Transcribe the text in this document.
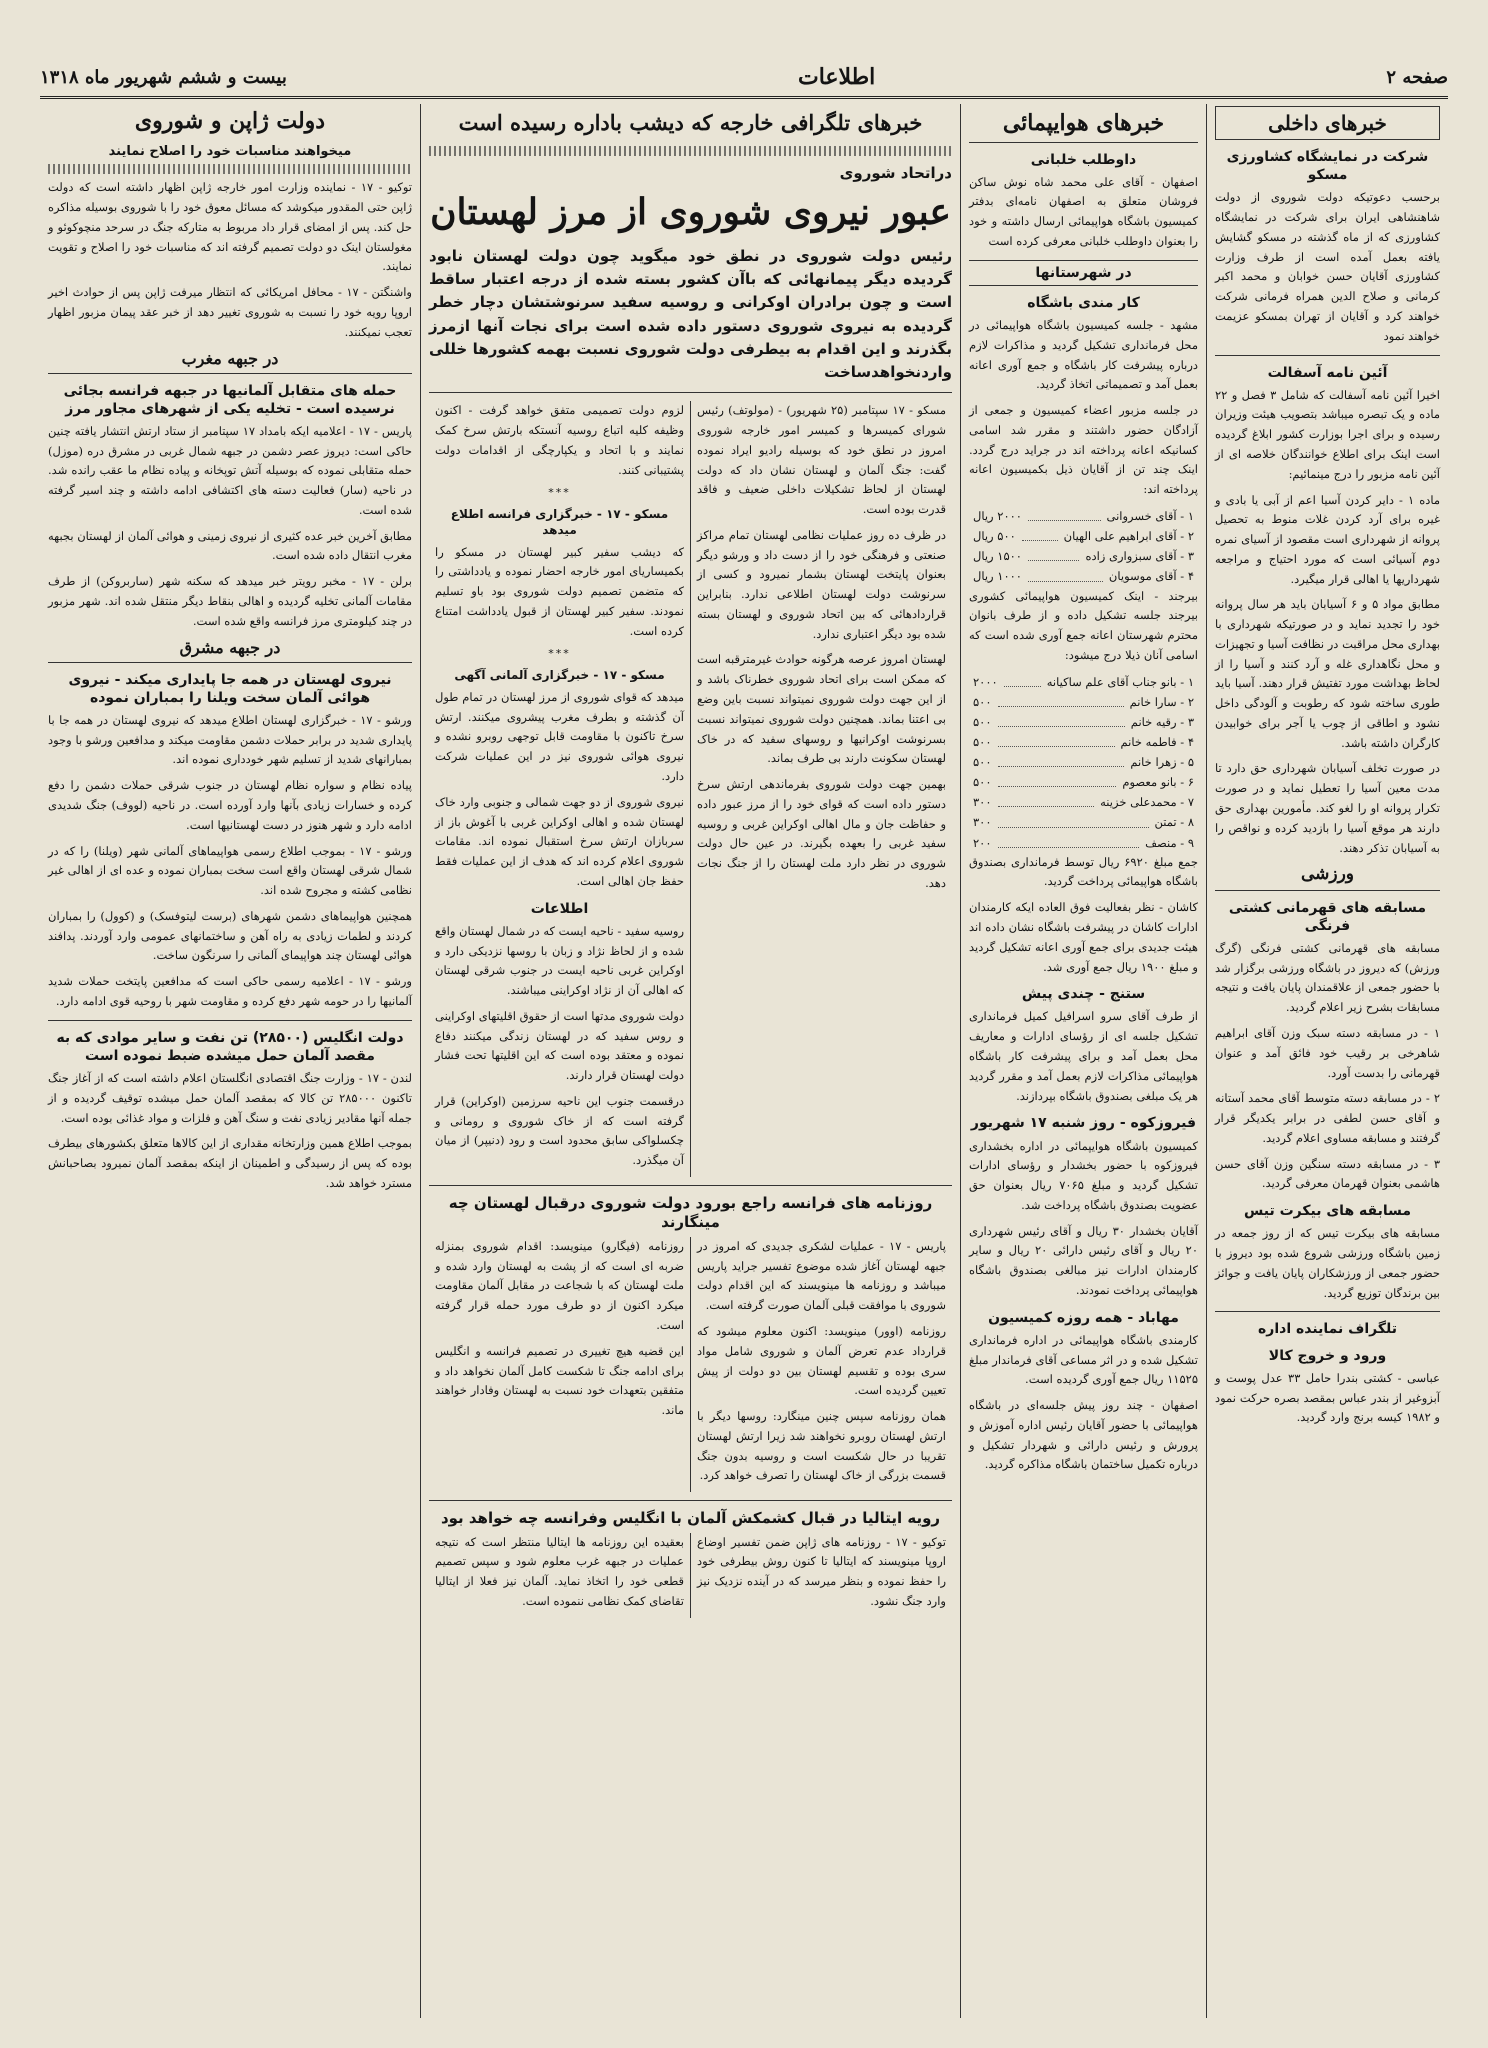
صفحه ۲
اطلاعات
بیست و ششم شهریور ماه ۱۳۱۸
خبرهای داخلی
شرکت در نمایشگاه کشاورزی مسکو

برحسب دعوتیکه دولت شوروی از دولت شاهنشاهی ایران برای شرکت در نمایشگاه کشاورزی که از ماه گذشته در مسکو گشایش یافته بعمل آمده است از طرف وزارت کشاورزی آقایان حسن خوابان و محمد اکبر کرمانی و صلاح الدین همراه فرمانی شرکت خواهند کرد و آقایان از تهران بمسکو عزیمت خواهند نمود

آئین نامه آسفالت

اخیرا آئین نامه آسفالت که شامل ۳ فصل و ۲۲ ماده و یک تبصره میباشد بتصویب هیئت وزیران رسیده و برای اجرا بوزارت کشور ابلاغ گردیده است اینک برای اطلاع خوانندگان خلاصه ای از آئین نامه مزبور را درج مینمائیم:

ماده ۱ - دایر کردن آسیا اعم از آبی یا بادی و غیره برای آرد کردن غلات منوط به تحصیل پروانه از شهرداری است مقصود از آسیای نمره دوم آسیائی است که مورد احتیاج و مراجعه شهرداریها یا اهالی قرار میگیرد.

مطابق مواد ۵ و ۶ آسیابان باید هر سال پروانه خود را تجدید نماید و در صورتیکه شهرداری با بهداری محل مراقبت در نظافت آسیا و تجهیزات و محل نگاهداری غله و آرد کنند و آسیا را از لحاظ بهداشت مورد تفتیش قرار دهند. آسیا باید طوری ساخته شود که رطوبت و آلودگی داخل نشود و اطاقی از چوب یا آجر برای خوابیدن کارگران داشته باشد.

در صورت تخلف آسیابان شهرداری حق دارد تا مدت معین آسیا را تعطیل نماید و در صورت تکرار پروانه او را لغو کند. مأمورین بهداری حق دارند هر موقع آسیا را بازدید کرده و نواقص را به آسیابان تذکر دهند.

ورزشی
مسابقه های قهرمانی کشتی فرنگی

مسابقه های قهرمانی کشتی فرنگی (گرگ ورزش) که دیروز در باشگاه ورزشی برگزار شد با حضور جمعی از علاقمندان پایان یافت و نتیجه مسابقات بشرح زیر اعلام گردید.

۱ - در مسابقه دسته سبک وزن آقای ابراهیم شاهرخی بر رقیب خود فائق آمد و عنوان قهرمانی را بدست آورد.

۲ - در مسابقه دسته متوسط آقای محمد آستانه و آقای حسن لطفی در برابر یکدیگر قرار گرفتند و مسابقه مساوی اعلام گردید.

۳ - در مسابقه دسته سنگین وزن آقای حسن هاشمی بعنوان قهرمان معرفی گردید.

مسابقه های بیکرت تیس

مسابقه های بیکرت تیس که از روز جمعه در زمین باشگاه ورزشی شروع شده بود دیروز با حضور جمعی از ورزشکاران پایان یافت و جوائز بین برندگان توزیع گردید.

تلگراف نماینده اداره
ورود و خروج کالا

عباسی - کشتی بندرا حامل ۳۳ عدل پوست و آبزوغیر از بندر عباس بمقصد بصره حرکت نمود و ۱۹۸۲ کیسه برنج وارد گردید.

خبرهای هوایپمائی
داوطلب خلبانی

اصفهان - آقای علی محمد شاه نوش ساکن فروشان متعلق به اصفهان نامه‌ای بدفتر کمیسیون باشگاه هواپیمائی ارسال داشته و خود را بعنوان داوطلب خلبانی معرفی کرده است

در شهرستانها
کار مندی باشگاه

مشهد - جلسه کمیسیون باشگاه هواپیمائی در محل فرمانداری تشکیل گردید و مذاکرات لازم درباره پیشرفت کار باشگاه و جمع آوری اعانه بعمل آمد و تصمیماتی اتخاذ گردید.

در جلسه مزبور اعضاء کمیسیون و جمعی از آزادگان حضور داشتند و مقرر شد اسامی کسانیکه اعانه پرداخته اند در جراید درج گردد. اینک چند تن از آقایان ذیل بکمیسیون اعانه پرداخته اند:

۱ - آقای خسروانی
۲۰۰۰ ریال
۲ - آقای ابراهیم علی الهیان
۵۰۰ ریال
۳ - آقای سبزواری زاده
۱۵۰۰ ریال
۴ - آقای موسویان
۱۰۰۰ ریال

بیرجند - اینک کمیسیون هواپیمائی کشوری بیرجند جلسه تشکیل داده و از طرف بانوان محترم شهرستان اعانه جمع آوری شده است که اسامی آنان ذیلا درج میشود:

۱ - بانو جناب آقای علم ساکیانه
۲۰۰۰
۲ - سارا خانم
۵۰۰
۳ - رقیه خانم
۵۰۰
۴ - فاطمه خانم
۵۰۰
۵ - زهرا خانم
۵۰۰
۶ - بانو معصوم
۵۰۰
۷ - محمدعلی خزینه
۳۰۰
۸ - تمتن
۳۰۰
۹ - منصف
۲۰۰

جمع مبلغ ۶۹۲۰ ریال توسط فرمانداری بصندوق باشگاه هواپیمائی پرداخت گردید.

کاشان - نظر بفعالیت فوق العاده ایکه کارمندان ادارات کاشان در پیشرفت باشگاه نشان داده اند هیئت جدیدی برای جمع آوری اعانه تشکیل گردید و مبلغ ۱۹۰۰ ریال جمع آوری شد.

ستنج - چندی پیش

از طرف آقای سرو اسرافیل کمیل فرمانداری تشکیل جلسه ای از رؤسای ادارات و معاریف محل بعمل آمد و برای پیشرفت کار باشگاه هواپیمائی مذاکرات لازم بعمل آمد و مقرر گردید هر یک مبلغی بصندوق باشگاه بپردازند.

فیروزکوه - روز شنبه ۱۷ شهریور

کمیسیون باشگاه هوایپمائی در اداره بخشداری فیروزکوه با حضور بخشدار و رؤسای ادارات تشکیل گردید و مبلغ ۷۰۶۵ ریال بعنوان حق عضویت بصندوق باشگاه پرداخت شد.

آقایان بخشدار ۳۰ ریال و آقای رئیس شهرداری ۲۰ ریال و آقای رئیس دارائی ۲۰ ریال و سایر کارمندان ادارات نیز مبالغی بصندوق باشگاه هواپیمائی پرداخت نمودند.

مهاباد - همه روزه کمیسیون

کارمندی باشگاه هواپیمائی در اداره فرمانداری تشکیل شده و در اثر مساعی آقای فرماندار مبلغ ۱۱۵۲۵ ریال جمع آوری گردیده است.

اصفهان - چند روز پیش جلسه‌ای در باشگاه هواپیمائی با حضور آقایان رئیس اداره آموزش و پرورش و رئیس دارائی و شهردار تشکیل و درباره تکمیل ساختمان باشگاه مذاکره گردید.

خبرهای تلگرافی خارجه که دیشب باداره رسیده است
دراتحاد شوروی
عبور نیروی شوروی از مرز لهستان
رئیس دولت شوروی در نطق خود میگوید چون دولت لهستان نابود گردیده دیگر پیمانهائی که باآن کشور بسته شده از درجه اعتبار ساقط است و چون برادران اوکرانی و روسیه سفید سرنوشتشان دچار خطر گردیده به نیروی شوروی دستور داده شده است برای نجات آنها ازمرز بگذرند و این اقدام به بیطرفی دولت شوروی نسبت بهمه کشورها خللی واردنخواهدساخت

مسکو - ۱۷ سپتامبر (۲۵ شهریور) - (مولوتف) رئیس شورای کمیسرها و کمیسر امور خارجه شوروی امروز در نطق خود که بوسیله رادیو ایراد نموده گفت: جنگ آلمان و لهستان نشان داد که دولت لهستان از لحاظ تشکیلات داخلی ضعیف و فاقد قدرت بوده است.

در ظرف ده روز عملیات نظامی لهستان تمام مراکز صنعتی و فرهنگی خود را از دست داد و ورشو دیگر بعنوان پایتخت لهستان بشمار نمیرود و کسی از سرنوشت دولت لهستان اطلاعی ندارد. بنابراین قراردادهائی که بین اتحاد شوروی و لهستان بسته شده بود دیگر اعتباری ندارد.

لهستان امروز عرصه هرگونه حوادث غیرمترقبه است که ممکن است برای اتحاد شوروی خطرناک باشد و از این جهت دولت شوروی نمیتواند نسبت باین وضع بی اعتنا بماند. همچنین دولت شوروی نمیتواند نسبت بسرنوشت اوکرانیها و روسهای سفید که در خاک لهستان سکونت دارند بی طرف بماند.

بهمین جهت دولت شوروی بفرماندهی ارتش سرخ دستور داده است که قوای خود را از مرز عبور داده و حفاظت جان و مال اهالی اوکراین غربی و روسیه سفید غربی را بعهده بگیرند. در عین حال دولت شوروی در نظر دارد ملت لهستان را از جنگ نجات دهد.

لزوم دولت تصمیمی متفق خواهد گرفت - اکنون وظیفه کلیه اتباع روسیه آنستکه بارتش سرخ کمک نمایند و با اتحاد و یکپارچگی از اقدامات دولت پشتیبانی کنند.

***
مسکو - ۱۷ - خبرگزاری فرانسه اطلاع میدهد

که دیشب سفیر کبیر لهستان در مسکو را بکمیساریای امور خارجه احضار نموده و یادداشتی را که متضمن تصمیم دولت شوروی بود باو تسلیم نمودند. سفیر کبیر لهستان از قبول یادداشت امتناع کرده است.

***
مسکو - ۱۷ - خبرگزاری آلمانی آگهی

میدهد که قوای شوروی از مرز لهستان در تمام طول آن گذشته و بطرف مغرب پیشروی میکنند. ارتش سرخ تاکنون با مقاومت قابل توجهی روبرو نشده و نیروی هوائی شوروی نیز در این عملیات شرکت دارد.

نیروی شوروی از دو جهت شمالی و جنوبی وارد خاک لهستان شده و اهالی اوکراین غربی با آغوش باز از سربازان ارتش سرخ استقبال نموده اند. مقامات شوروی اعلام کرده اند که هدف از این عملیات فقط حفظ جان اهالی است.

اطلاعات

روسیه سفید - ناحیه ایست که در شمال لهستان واقع شده و از لحاظ نژاد و زبان با روسها نزدیکی دارد و اوکراین غربی ناحیه ایست در جنوب شرقی لهستان که اهالی آن از نژاد اوکراینی میباشند.

دولت شوروی مدتها است از حقوق اقلیتهای اوکراینی و روس سفید که در لهستان زندگی میکنند دفاع نموده و معتقد بوده است که این اقلیتها تحت فشار دولت لهستان قرار دارند.

درقسمت جنوب این ناحیه سرزمین (اوکراین) قرار گرفته است که از خاک شوروی و رومانی و چکسلواکی سابق محدود است و رود (دنیپر) از میان آن میگذرد.

روزنامه های فرانسه راجع بورود دولت شوروی درقبال لهستان چه مینگارند

پاریس - ۱۷ - عملیات لشکری جدیدی که امروز در جبهه لهستان آغاز شده موضوع تفسیر جراید پاریس میباشد و روزنامه ها مینویسند که این اقدام دولت شوروی با موافقت قبلی آلمان صورت گرفته است.

روزنامه (اوور) مینویسد: اکنون معلوم میشود که قرارداد عدم تعرض آلمان و شوروی شامل مواد سری بوده و تقسیم لهستان بین دو دولت از پیش تعیین گردیده است.

همان روزنامه سپس چنین مینگارد: روسها دیگر با ارتش لهستان روبرو نخواهند شد زیرا ارتش لهستان تقریبا در حال شکست است و روسیه بدون جنگ قسمت بزرگی از خاک لهستان را تصرف خواهد کرد.

روزنامه (فیگارو) مینویسد: اقدام شوروی بمنزله ضربه ای است که از پشت به لهستان وارد شده و ملت لهستان که با شجاعت در مقابل آلمان مقاومت میکرد اکنون از دو طرف مورد حمله قرار گرفته است.

این قضیه هیچ تغییری در تصمیم فرانسه و انگلیس برای ادامه جنگ تا شکست کامل آلمان نخواهد داد و متفقین بتعهدات خود نسبت به لهستان وفادار خواهند ماند.

رویه ایتالیا در قبال کشمکش آلمان با انگلیس وفرانسه چه خواهد بود

توکیو - ۱۷ - روزنامه های ژاپن ضمن تفسیر اوضاع اروپا مینویسند که ایتالیا تا کنون روش بیطرفی خود را حفظ نموده و بنظر میرسد که در آینده نزدیک نیز وارد جنگ نشود.

بعقیده این روزنامه ها ایتالیا منتظر است که نتیجه عملیات در جبهه غرب معلوم شود و سپس تصمیم قطعی خود را اتخاذ نماید. آلمان نیز فعلا از ایتالیا تقاضای کمک نظامی ننموده است.

دولت ژاپن و شوروی
میخواهند مناسبات خود را اصلاح نمایند

توکیو - ۱۷ - نماینده وزارت امور خارجه ژاپن اظهار داشته است که دولت ژاپن حتی المقدور میکوشد که مسائل معوق خود را با شوروی بوسیله مذاکره حل کند. پس از امضای قرار داد مربوط به متارکه جنگ در سرحد منچوکوئو و مغولستان اینک دو دولت تصمیم گرفته اند که مناسبات خود را اصلاح و تقویت نمایند.

واشنگتن - ۱۷ - محافل امریکائی که انتظار میرفت ژاپن پس از حوادث اخیر اروپا رویه خود را نسبت به شوروی تغییر دهد از خبر عقد پیمان مزبور اظهار تعجب نمیکنند.

در جبهه مغرب
حمله های متقابل آلمانیها در جبهه فرانسه بجائی نرسیده است - تخلیه یکی از شهرهای مجاور مرز

پاریس - ۱۷ - اعلامیه ایکه بامداد ۱۷ سپتامبر از ستاد ارتش انتشار یافته چنین حاکی است: دیروز عصر دشمن در جبهه شمال غربی در مشرق دره (موزل) حمله متقابلی نموده که بوسیله آتش توپخانه و پیاده نظام ما عقب رانده شد. در ناحیه (سار) فعالیت دسته های اکتشافی ادامه داشته و چند اسیر گرفته شده است.

مطابق آخرین خبر عده کثیری از نیروی زمینی و هوائی آلمان از لهستان بجبهه مغرب انتقال داده شده است.

برلن - ۱۷ - مخبر رویتر خبر میدهد که سکنه شهر (ساربروکن) از طرف مقامات آلمانی تخلیه گردیده و اهالی بنقاط دیگر منتقل شده اند. شهر مزبور در چند کیلومتری مرز فرانسه واقع شده است.

در جبهه مشرق
نیروی لهستان در همه جا پایداری میکند - نیروی هوائی آلمان سخت ویلنا را بمباران نموده

ورشو - ۱۷ - خبرگزاری لهستان اطلاع میدهد که نیروی لهستان در همه جا با پایداری شدید در برابر حملات دشمن مقاومت میکند و مدافعین ورشو با وجود بمبارانهای شدید از تسلیم شهر خودداری نموده اند.

پیاده نظام و سواره نظام لهستان در جنوب شرقی حملات دشمن را دفع کرده و خسارات زیادی بآنها وارد آورده است. در ناحیه (لووف) جنگ شدیدی ادامه دارد و شهر هنوز در دست لهستانیها است.

ورشو - ۱۷ - بموجب اطلاع رسمی هواپیماهای آلمانی شهر (ویلنا) را که در شمال شرقی لهستان واقع است سخت بمباران نموده و عده ای از اهالی غیر نظامی کشته و مجروح شده اند.

همچنین هواپیماهای دشمن شهرهای (برست لیتوفسک) و (کوول) را بمباران کردند و لطمات زیادی به راه آهن و ساختمانهای عمومی وارد آوردند. پدافند هوائی لهستان چند هواپیمای آلمانی را سرنگون ساخت.

ورشو - ۱۷ - اعلامیه رسمی حاکی است که مدافعین پایتخت حملات شدید آلمانیها را در حومه شهر دفع کرده و مقاومت شهر با روحیه قوی ادامه دارد.

دولت انگلیس (۲۸۵۰۰) تن نفت و سایر موادی که به مقصد آلمان حمل میشده ضبط نموده است

لندن - ۱۷ - وزارت جنگ اقتصادی انگلستان اعلام داشته است که از آغاز جنگ تاکنون ۲۸۵۰۰۰ تن کالا که بمقصد آلمان حمل میشده توقیف گردیده و از جمله آنها مقادیر زیادی نفت و سنگ آهن و فلزات و مواد غذائی بوده است.

بموجب اطلاع همین وزارتخانه مقداری از این کالاها متعلق بکشورهای بیطرف بوده که پس از رسیدگی و اطمینان از اینکه بمقصد آلمان نمیرود بصاحبانش مسترد خواهد شد.
